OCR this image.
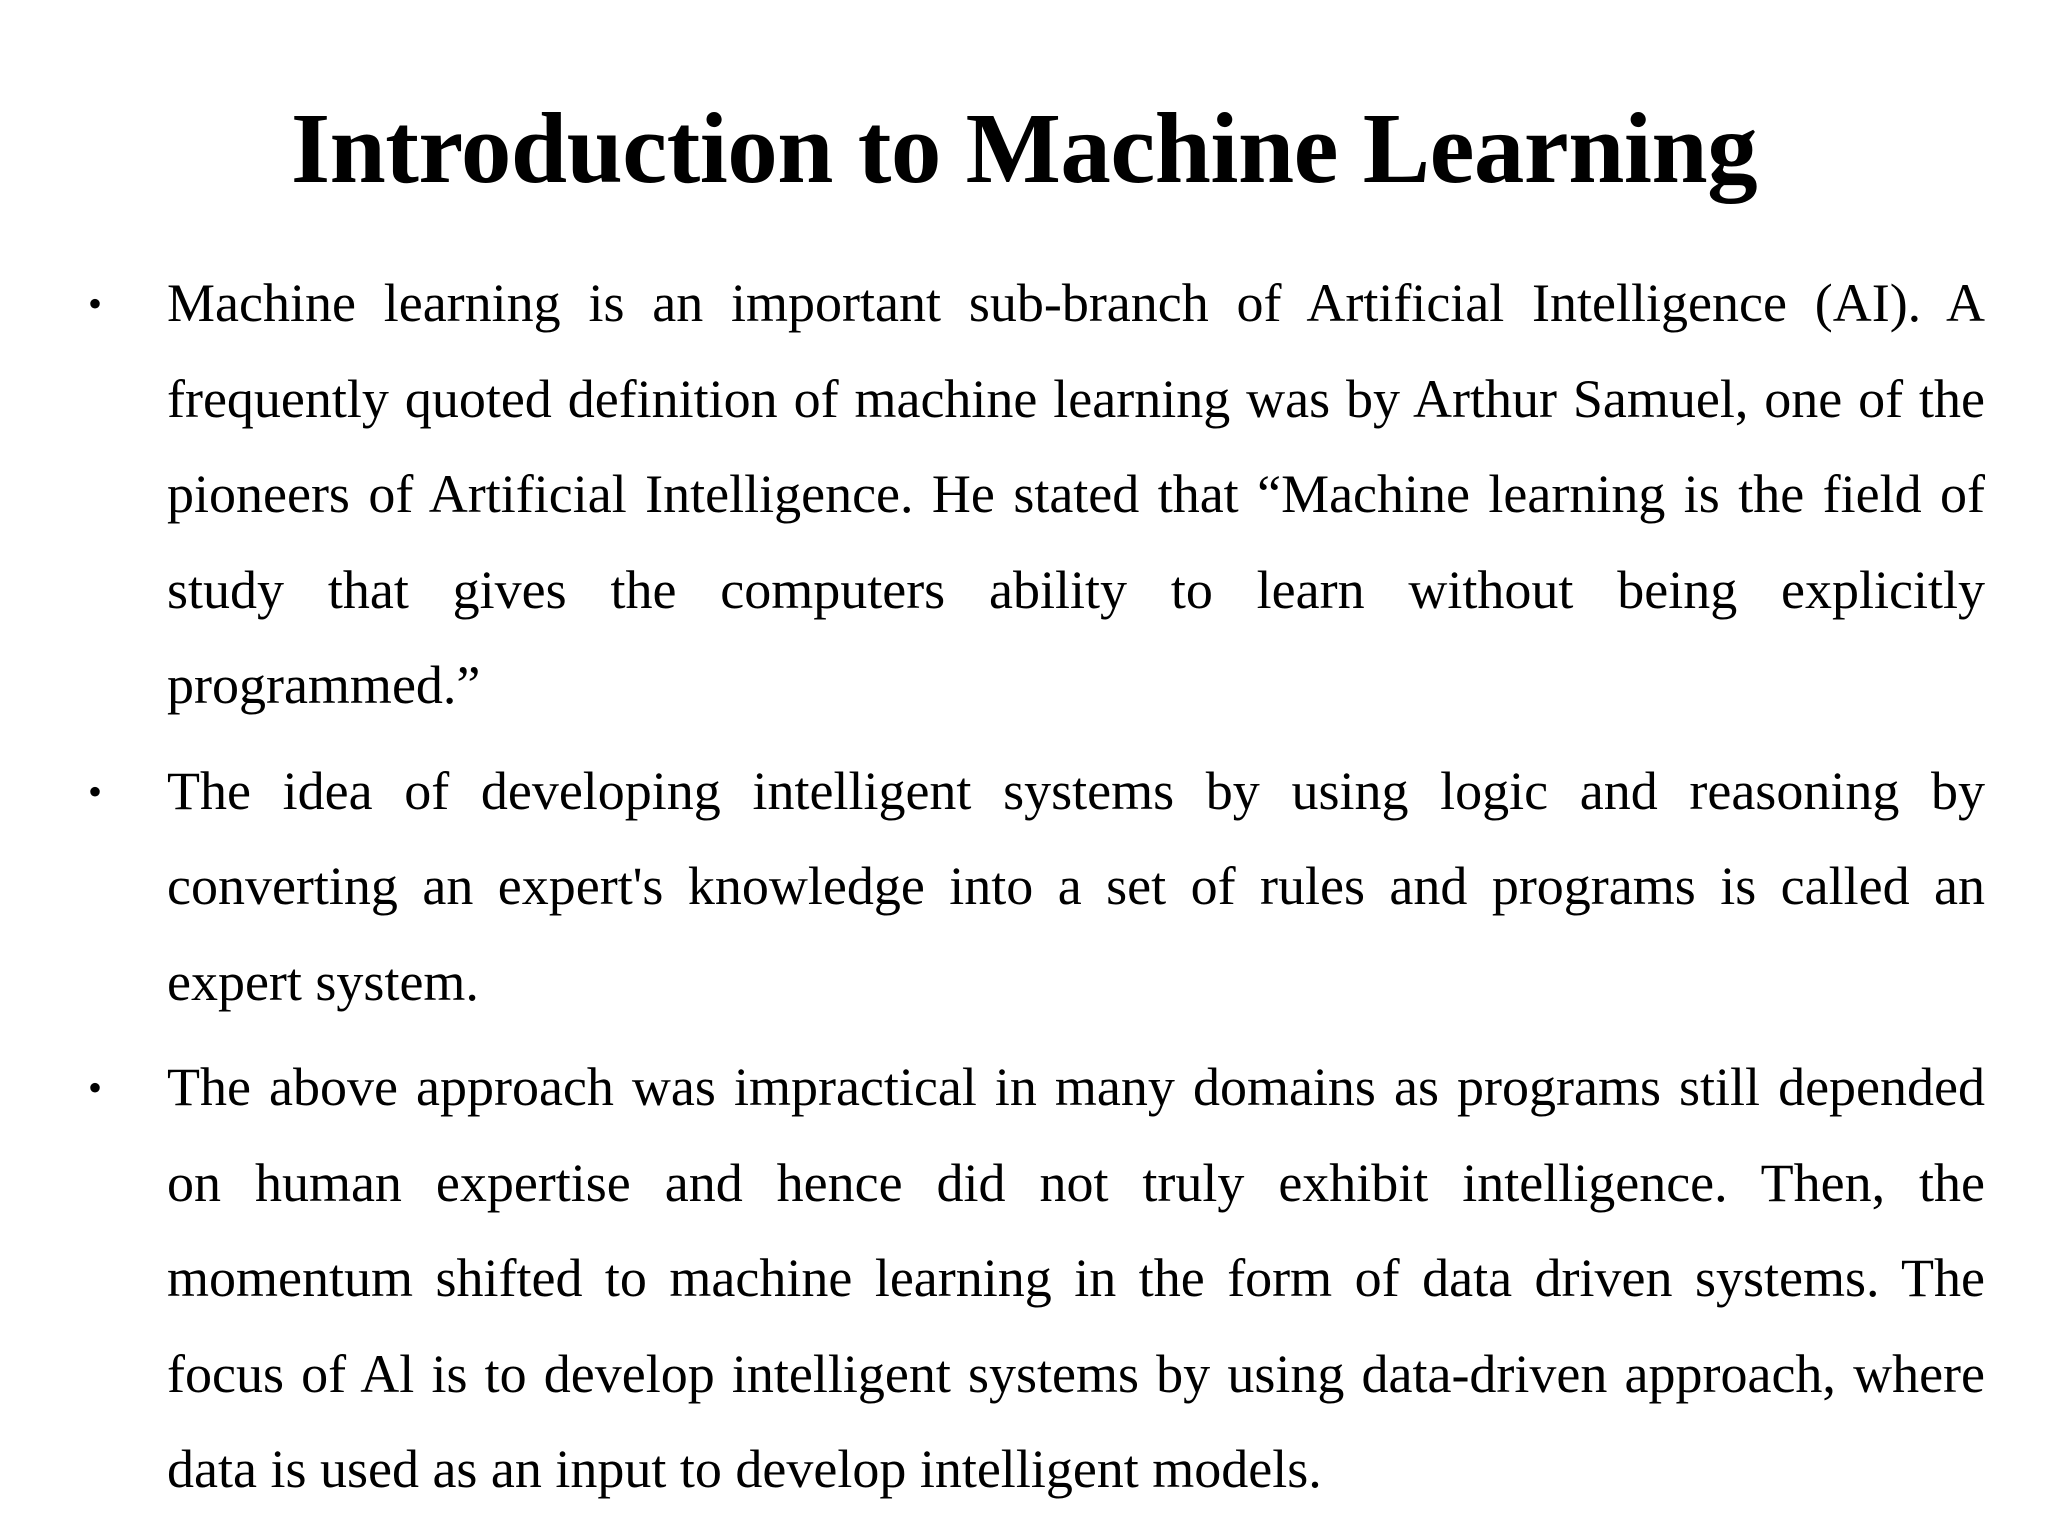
Introduction to Machine Learning
• Machine learning is an important sub-branch of Artificial Intelligence (AI). A frequently quoted definition of machine learning was by Arthur Samuel, one of the pioneers of Artificial Intelligence. He stated that “Machine learning is the field of study that gives the computers ability to learn without being explicitly programmed.”
• The idea of developing intelligent systems by using logic and reasoning by converting an expert's knowledge into a set of rules and programs is called an expert system.
• The above approach was impractical in many domains as programs still depended on human expertise and hence did not truly exhibit intelligence. Then, the momentum shifted to machine learning in the form of data driven systems. The focus of Al is to develop intelligent systems by using data-driven approach, where data is used as an input to develop intelligent models.
